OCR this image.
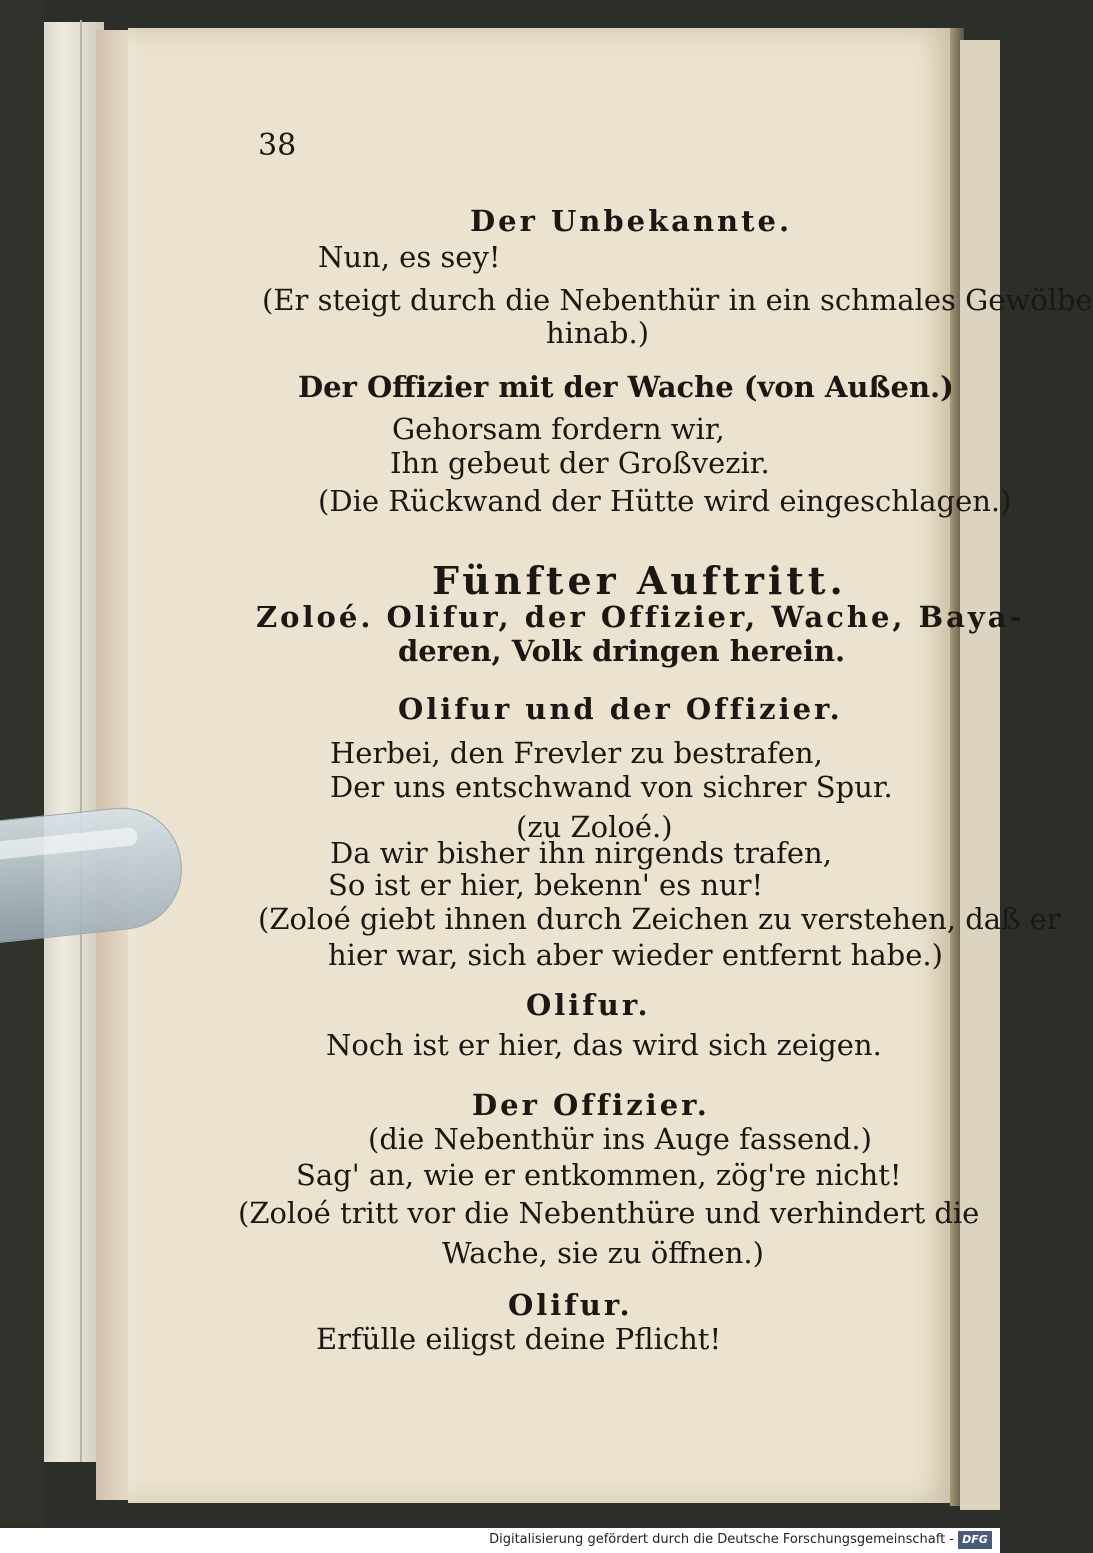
38
Der Unbekannte.
Nun, es sey!
(Er steigt durch die Nebenthür in ein schmales Gewölbe
hinab.)
Der Offizier mit der Wache (von Außen.)
Gehorsam fordern wir,
Ihn gebeut der Großvezir.
(Die Rückwand der Hütte wird eingeschlagen.)
Fünfter Auftritt.
Zoloé. Olifur, der Offizier, Wache, Baya-
deren, Volk dringen herein.
Olifur und der Offizier.
Herbei, den Frevler zu bestrafen,
Der uns entschwand von sichrer Spur.
(zu Zoloé.)
Da wir bisher ihn nirgends trafen,
So ist er hier, bekenn' es nur!
(Zoloé giebt ihnen durch Zeichen zu verstehen, daß er
hier war, sich aber wieder entfernt habe.)
Olifur.
Noch ist er hier, das wird sich zeigen.
Der Offizier.
(die Nebenthür ins Auge fassend.)
Sag' an, wie er entkommen, zög're nicht!
(Zoloé tritt vor die Nebenthüre und verhindert die
Wache, sie zu öffnen.)
Olifur.
Erfülle eiligst deine Pflicht!
Digitalisierung gefördert durch die Deutsche Forschungsgemeinschaft - DFG
